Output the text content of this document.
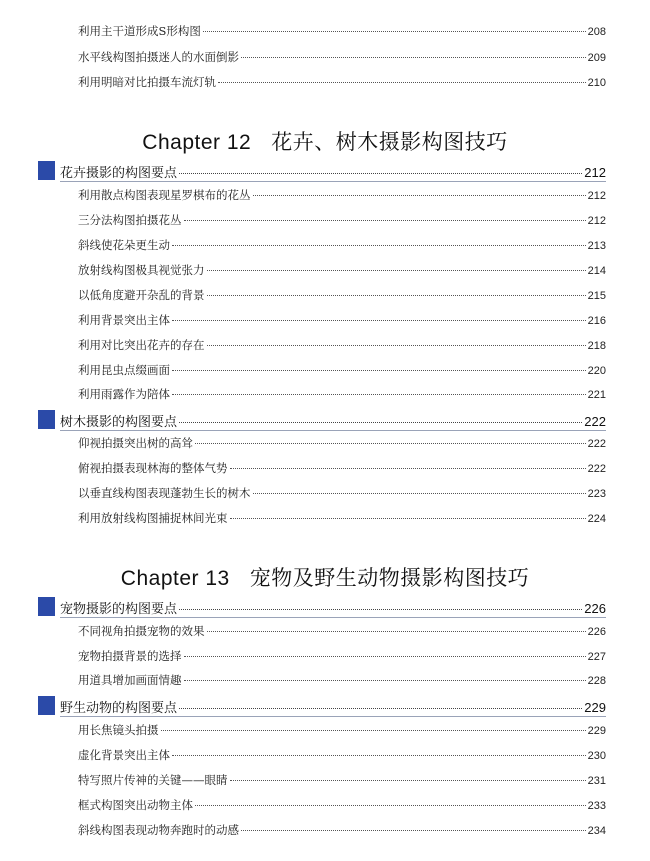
利用主干道形成S形构图	208
水平线构图拍摄迷人的水面倒影	209
利用明暗对比拍摄车流灯轨	210
Chapter 12 花卉、树木摄影构图技巧
花卉摄影的构图要点	212
利用散点构图表现星罗棋布的花丛	212
三分法构图拍摄花丛	212
斜线使花朵更生动	213
放射线构图极具视觉张力	214
以低角度避开杂乱的背景	215
利用背景突出主体	216
利用对比突出花卉的存在	218
利用昆虫点缀画面	220
利用雨露作为陪体	221
树木摄影的构图要点	222
仰视拍摄突出树的高耸	222
俯视拍摄表现林海的整体气势	222
以垂直线构图表现蓬勃生长的树木	223
利用放射线构图捕捉林间光束	224
Chapter 13 宠物及野生动物摄影构图技巧
宠物摄影的构图要点	226
不同视角拍摄宠物的效果	226
宠物拍摄背景的选择	227
用道具增加画面情趣	228
野生动物的构图要点	229
用长焦镜头拍摄	229
虚化背景突出主体	230
特写照片传神的关键——眼睛	231
框式构图突出动物主体	233
斜线构图表现动物奔跑时的动感	234
